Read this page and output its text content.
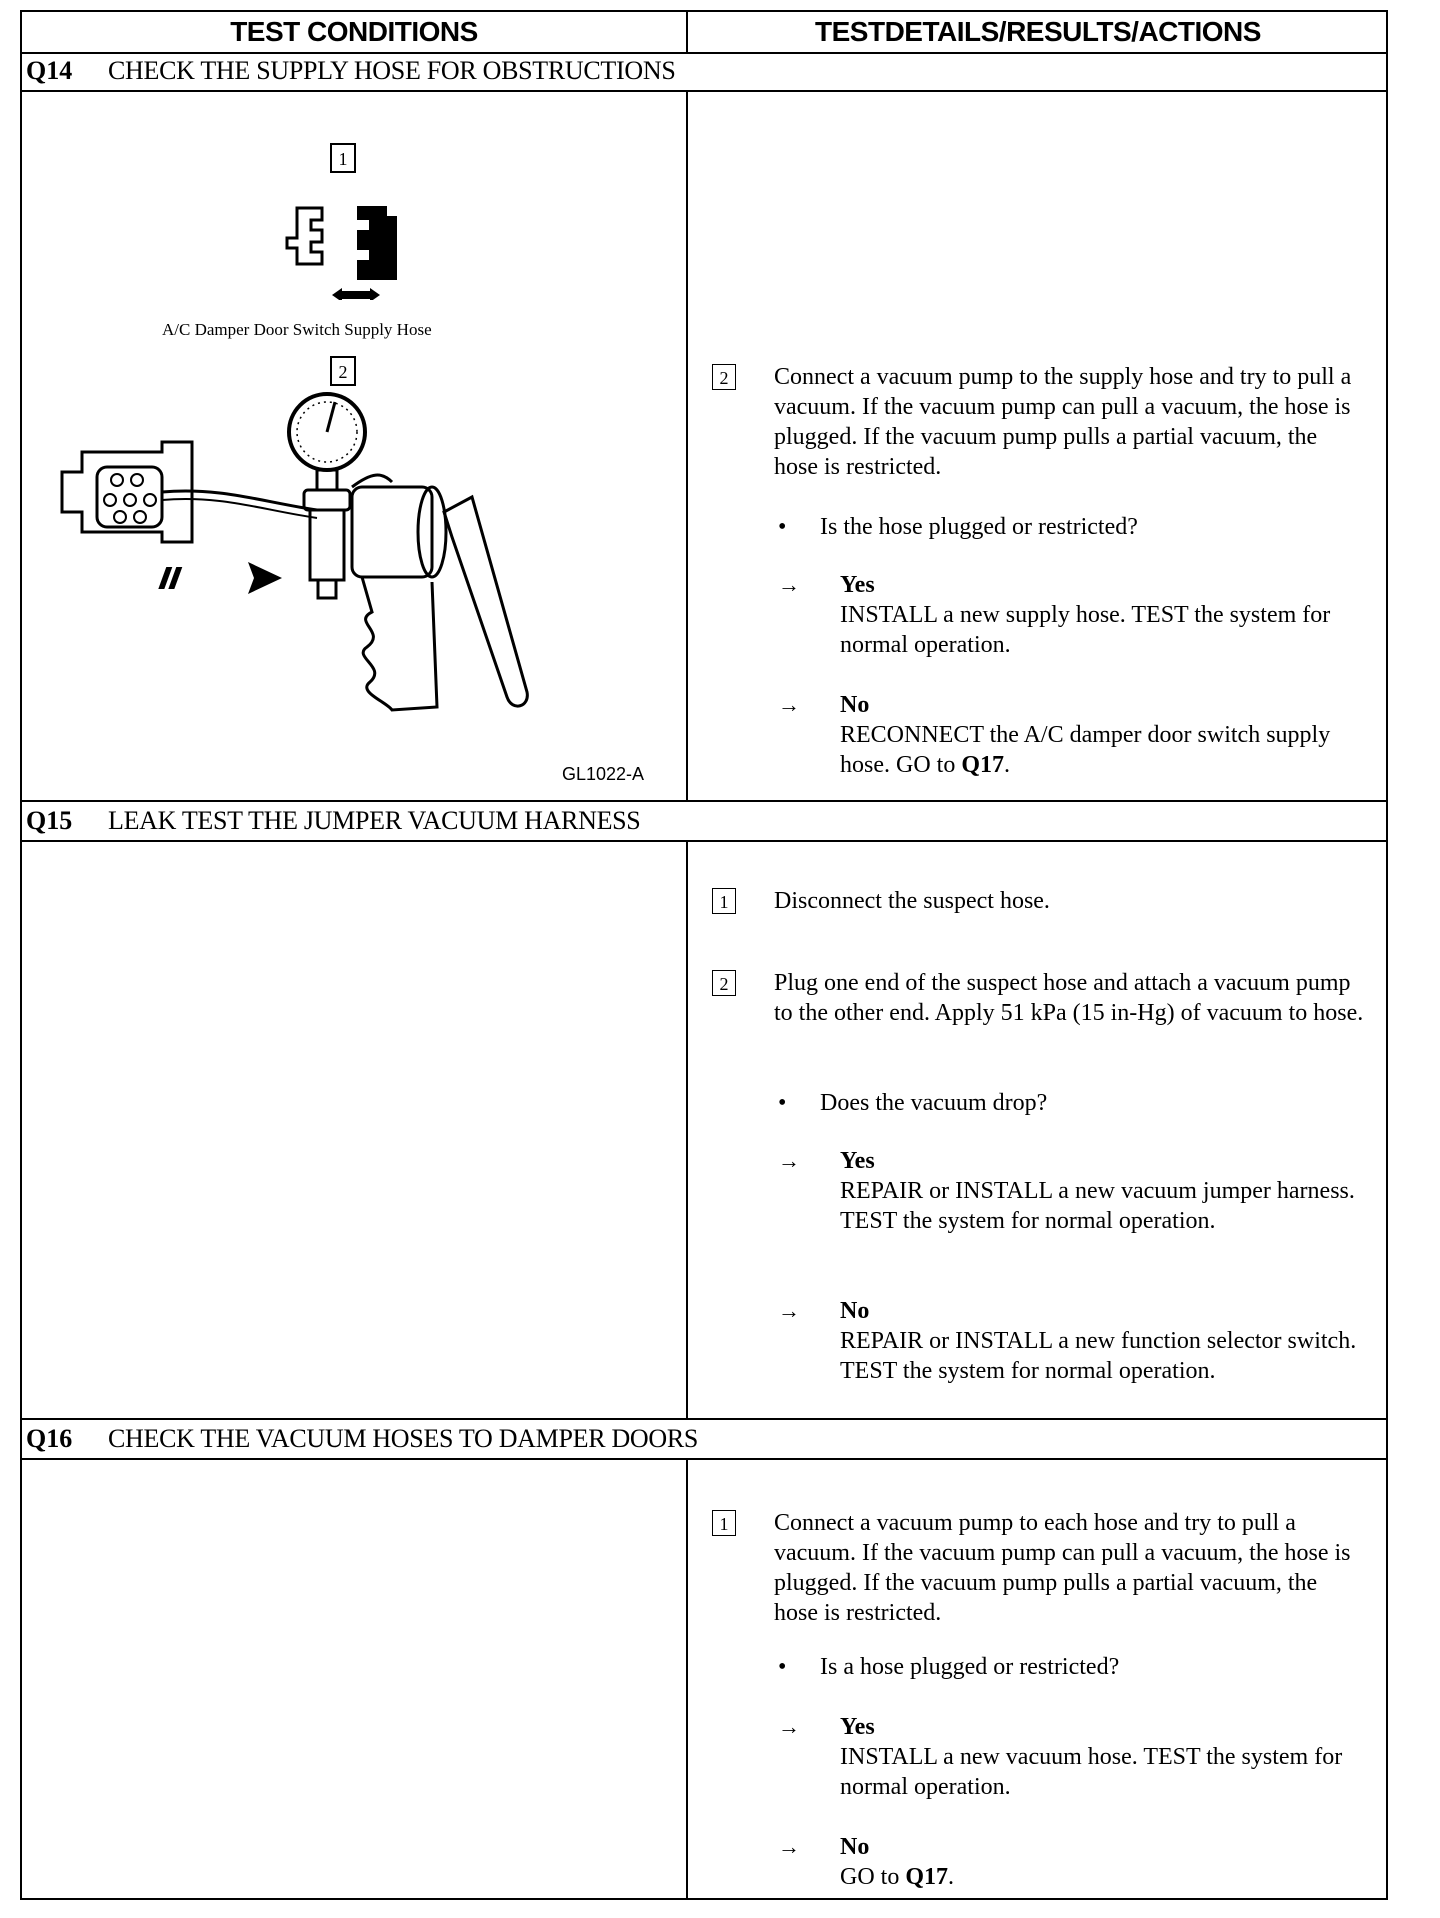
TEST CONDITIONS	TESTDETAILS/RESULTS/ACTIONS
Q14 CHECK THE SUPPLY HOSE FOR OBSTRUCTIONS
1
A/C Damper Door Switch Supply Hose
2
GL1022-A
2	Connect a vacuum pump to the supply hose and try to pull a vacuum. If the vacuum pump can pull a vacuum, the hose is plugged. If the vacuum pump pulls a partial vacuum, the hose is restricted.
• Is the hose plugged or restricted?
→ Yes
INSTALL a new supply hose. TEST the system for normal operation.
→ No
RECONNECT the A/C damper door switch supply hose. GO to Q17.
Q15 LEAK TEST THE JUMPER VACUUM HARNESS
1	Disconnect the suspect hose.
2	Plug one end of the suspect hose and attach a vacuum pump to the other end. Apply 51 kPa (15 in-Hg) of vacuum to hose.
• Does the vacuum drop?
→ Yes
REPAIR or INSTALL a new vacuum jumper harness. TEST the system for normal operation.
→ No
REPAIR or INSTALL a new function selector switch. TEST the system for normal operation.
Q16 CHECK THE VACUUM HOSES TO DAMPER DOORS
1	Connect a vacuum pump to each hose and try to pull a vacuum. If the vacuum pump can pull a vacuum, the hose is plugged. If the vacuum pump pulls a partial vacuum, the hose is restricted.
• Is a hose plugged or restricted?
→ Yes
INSTALL a new vacuum hose. TEST the system for normal operation.
→ No
GO to Q17.
